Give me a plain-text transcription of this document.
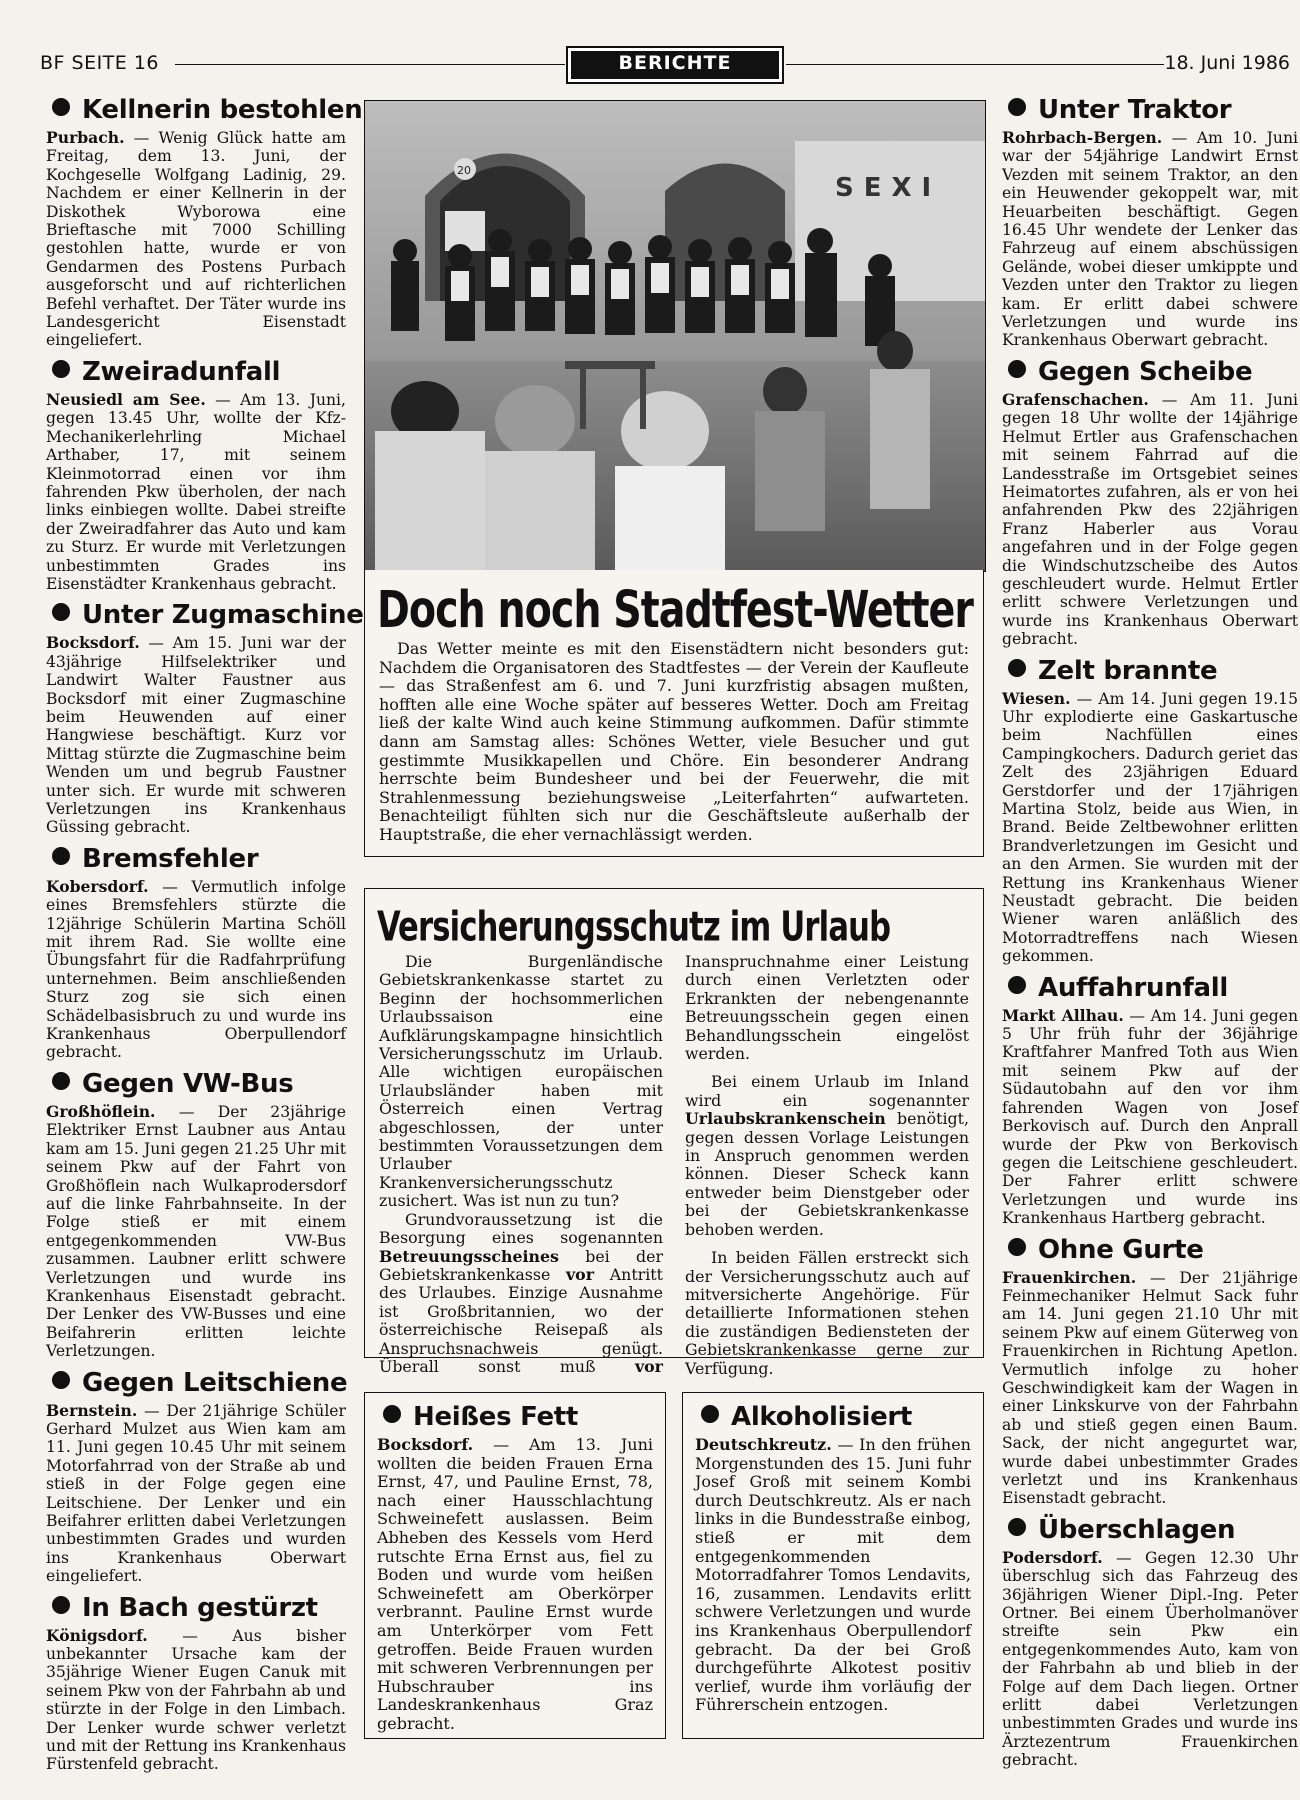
BF SEITE 16	BERICHTE	18. Juni 1986
Kellnerin bestohlen

Purbach. — Wenig Glück hatte am Freitag, dem 13. Juni, der Kochgeselle Wolfgang Ladinig, 29. Nachdem er einer Kellnerin in der Diskothek Wyborowa eine Brieftasche mit 7000 Schilling gestohlen hatte, wurde er von Gendarmen des Postens Purbach ausgeforscht und auf richterlichen Befehl verhaftet. Der Täter wurde ins Landesgericht Eisenstadt eingeliefert.

Zweiradunfall

Neusiedl am See. — Am 13. Juni, gegen 13.45 Uhr, wollte der Kfz-Mechanikerlehrling Michael Arthaber, 17, mit seinem Kleinmotorrad einen vor ihm fahrenden Pkw überholen, der nach links einbiegen wollte. Dabei streifte der Zweiradfahrer das Auto und kam zu Sturz. Er wurde mit Verletzungen unbestimmten Grades ins Eisenstädter Krankenhaus gebracht.

Unter Zugmaschine

Bocksdorf. — Am 15. Juni war der 43jährige Hilfselektriker und Landwirt Walter Faustner aus Bocksdorf mit einer Zugmaschine beim Heuwenden auf einer Hangwiese beschäftigt. Kurz vor Mittag stürzte die Zugmaschine beim Wenden um und begrub Faustner unter sich. Er wurde mit schweren Verletzungen ins Krankenhaus Güssing gebracht.

Bremsfehler

Kobersdorf. — Vermutlich infolge eines Bremsfehlers stürzte die 12jährige Schülerin Martina Schöll mit ihrem Rad. Sie wollte eine Übungsfahrt für die Radfahrprüfung unternehmen. Beim anschließenden Sturz zog sie sich einen Schädelbasisbruch zu und wurde ins Krankenhaus Oberpullendorf gebracht.

Gegen VW-Bus

Großhöflein. — Der 23jährige Elektriker Ernst Laubner aus Antau kam am 15. Juni gegen 21.25 Uhr mit seinem Pkw auf der Fahrt von Großhöflein nach Wulkaprodersdorf auf die linke Fahrbahnseite. In der Folge stieß er mit einem entgegenkommenden VW-Bus zusammen. Laubner erlitt schwere Verletzungen und wurde ins Krankenhaus Eisenstadt gebracht. Der Lenker des VW-Busses und eine Beifahrerin erlitten leichte Verletzungen.

Gegen Leitschiene

Bernstein. — Der 21jährige Schüler Gerhard Mulzet aus Wien kam am 11. Juni gegen 10.45 Uhr mit seinem Motorfahrrad von der Straße ab und stieß in der Folge gegen eine Leitschiene. Der Lenker und ein Beifahrer erlitten dabei Verletzungen unbestimmten Grades und wurden ins Krankenhaus Oberwart eingeliefert.

In Bach gestürzt

Königsdorf. — Aus bisher unbekannter Ursache kam der 35jährige Wiener Eugen Canuk mit seinem Pkw von der Fahrbahn ab und stürzte in der Folge in den Limbach. Der Lenker wurde schwer verletzt und mit der Rettung ins Krankenhaus Fürstenfeld gebracht.

SEXI
20
Doch noch Stadtfest-Wetter

Das Wetter meinte es mit den Eisenstädtern nicht besonders gut: Nachdem die Organisatoren des Stadtfestes — der Verein der Kaufleute — das Straßenfest am 6. und 7. Juni kurzfristig absagen mußten, hofften alle eine Woche später auf besseres Wetter. Doch am Freitag ließ der kalte Wind auch keine Stimmung aufkommen. Dafür stimmte dann am Samstag alles: Schönes Wetter, viele Besucher und gut gestimmte Musikkapellen und Chöre. Ein besonderer Andrang herrschte beim Bundesheer und bei der Feuerwehr, die mit Strahlenmessung beziehungsweise „Leiterfahrten“ aufwarteten. Benachteiligt fühlten sich nur die Geschäftsleute außerhalb der Hauptstraße, die eher vernachlässigt werden.

Versicherungsschutz im Urlaub

Die Burgenländische Gebietskrankenkasse startet zu Beginn der hochsommerlichen Urlaubssaison eine Aufklärungskampagne hinsichtlich Versicherungsschutz im Urlaub. Alle wichtigen europäischen Urlaubsländer haben mit Österreich einen Vertrag abgeschlossen, der unter bestimmten Voraussetzungen dem Urlauber Krankenversicherungsschutz zusichert. Was ist nun zu tun?

Grundvoraussetzung ist die Besorgung eines sogenannten Betreuungsscheines bei der Gebietskrankenkasse vor Antritt des Urlaubes. Einzige Ausnahme ist Großbritannien, wo der österreichische Reisepaß als Anspruchsnachweis genügt. Überall sonst muß vor Inanspruchnahme einer Leistung durch einen Verletzten oder Erkrankten der nebengenannte Betreuungsschein gegen einen Behandlungsschein eingelöst werden.

Bei einem Urlaub im Inland wird ein sogenannter Urlaubskrankenschein benötigt, gegen dessen Vorlage Leistungen in Anspruch genommen werden können. Dieser Scheck kann entweder beim Dienstgeber oder bei der Gebietskrankenkasse behoben werden.

In beiden Fällen erstreckt sich der Versicherungsschutz auch auf mitversicherte Angehörige. Für detaillierte Informationen stehen die zuständigen Bediensteten der Gebietskrankenkasse gerne zur Verfügung.

Heißes Fett

Bocksdorf. — Am 13. Juni wollten die beiden Frauen Erna Ernst, 47, und Pauline Ernst, 78, nach einer Hausschlachtung Schweinefett auslassen. Beim Abheben des Kessels vom Herd rutschte Erna Ernst aus, fiel zu Boden und wurde vom heißen Schweinefett am Oberkörper verbrannt. Pauline Ernst wurde am Unterkörper vom Fett getroffen. Beide Frauen wurden mit schweren Verbrennungen per Hubschrauber ins Landeskrankenhaus Graz gebracht.

Alkoholisiert

Deutschkreutz. — In den frühen Morgenstunden des 15. Juni fuhr Josef Groß mit seinem Kombi durch Deutschkreutz. Als er nach links in die Bundesstraße einbog, stieß er mit dem entgegenkommenden Motorradfahrer Tomos Lendavits, 16, zusammen. Lendavits erlitt schwere Verletzungen und wurde ins Krankenhaus Oberpullendorf gebracht. Da der bei Groß durchgeführte Alkotest positiv verlief, wurde ihm vorläufig der Führerschein entzogen.

Unter Traktor

Rohrbach-Bergen. — Am 10. Juni war der 54jährige Landwirt Ernst Vezden mit seinem Traktor, an den ein Heuwender gekoppelt war, mit Heuarbeiten beschäftigt. Gegen 16.45 Uhr wendete der Lenker das Fahrzeug auf einem abschüssigen Gelände, wobei dieser umkippte und Vezden unter den Traktor zu liegen kam. Er erlitt dabei schwere Verletzungen und wurde ins Krankenhaus Oberwart gebracht.

Gegen Scheibe

Grafenschachen. — Am 11. Juni gegen 18 Uhr wollte der 14jährige Helmut Ertler aus Grafenschachen mit seinem Fahrrad auf die Landesstraße im Ortsgebiet seines Heimatortes zufahren, als er von hei anfahrenden Pkw des 22jährigen Franz Haberler aus Vorau angefahren und in der Folge gegen die Windschutzscheibe des Autos geschleudert wurde. Helmut Ertler erlitt schwere Verletzungen und wurde ins Krankenhaus Oberwart gebracht.

Zelt brannte

Wiesen. — Am 14. Juni gegen 19.15 Uhr explodierte eine Gaskartusche beim Nachfüllen eines Campingkochers. Dadurch geriet das Zelt des 23jährigen Eduard Gerstdorfer und der 17jährigen Martina Stolz, beide aus Wien, in Brand. Beide Zeltbewohner erlitten Brandverletzungen im Gesicht und an den Armen. Sie wurden mit der Rettung ins Krankenhaus Wiener Neustadt gebracht. Die beiden Wiener waren anläßlich des Motorradtreffens nach Wiesen gekommen.

Auffahrunfall

Markt Allhau. — Am 14. Juni gegen 5 Uhr früh fuhr der 36jährige Kraftfahrer Manfred Toth aus Wien mit seinem Pkw auf der Südautobahn auf den vor ihm fahrenden Wagen von Josef Berkovisch auf. Durch den Anprall wurde der Pkw von Berkovisch gegen die Leitschiene geschleudert. Der Fahrer erlitt schwere Verletzungen und wurde ins Krankenhaus Hartberg gebracht.

Ohne Gurte

Frauenkirchen. — Der 21jährige Feinmechaniker Helmut Sack fuhr am 14. Juni gegen 21.10 Uhr mit seinem Pkw auf einem Güterweg von Frauenkirchen in Richtung Apetlon. Vermutlich infolge zu hoher Geschwindigkeit kam der Wagen in einer Linkskurve von der Fahrbahn ab und stieß gegen einen Baum. Sack, der nicht angegurtet war, wurde dabei unbestimmter Grades verletzt und ins Krankenhaus Eisenstadt gebracht.

Überschlagen

Podersdorf. — Gegen 12.30 Uhr überschlug sich das Fahrzeug des 36jährigen Wiener Dipl.-Ing. Peter Ortner. Bei einem Überholmanöver streifte sein Pkw ein entgegenkommendes Auto, kam von der Fahrbahn ab und blieb in der Folge auf dem Dach liegen. Ortner erlitt dabei Verletzungen unbestimmten Grades und wurde ins Ärztezentrum Frauenkirchen gebracht.
